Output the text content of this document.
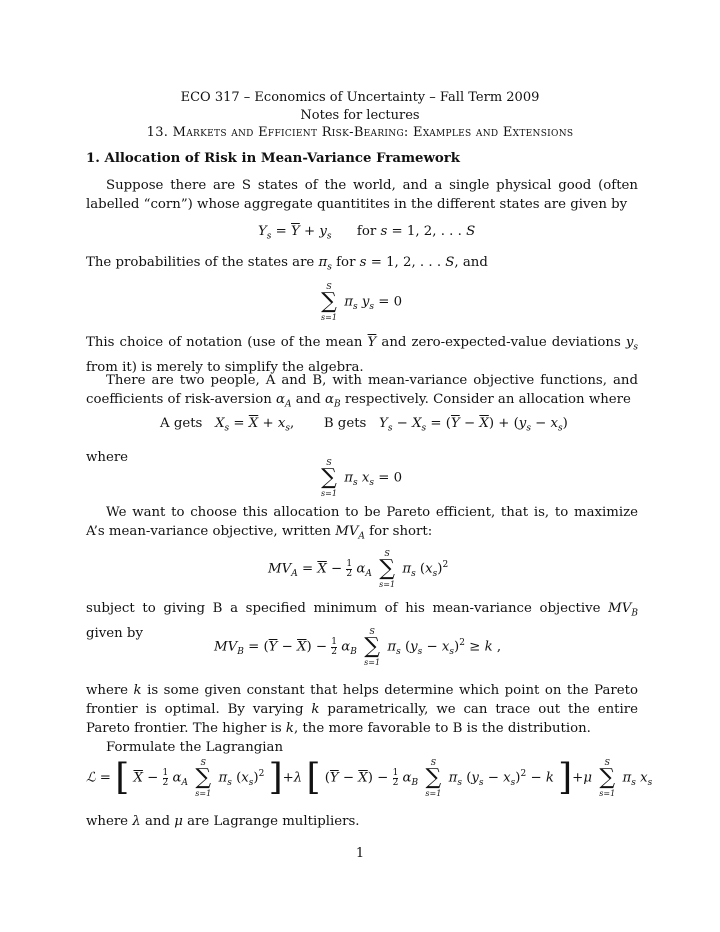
ECO 317 – Economics of Uncertainty – Fall Term 2009
Notes for lectures
13. Markets and Efficient Risk-Bearing: Examples and Extensions
1. Allocation of Risk in Mean-Variance Framework
Suppose there are S states of the world, and a single physical good (often labelled “corn”) whose aggregate quantitites in the different states are given by
$Y_s = \overline{Y} + y_s$ for s = 1, 2, . . . S
The probabilities of the states are $\pi_s$ for s = 1, 2, . . . S, and
S
∑
s=1
$\pi_s$ $y_s = 0$
This choice of notation (use of the mean $\overline{Y}$ and zero-expected-value deviations $y_s$ from it) is merely to simplify the algebra.
There are two people, A and B, with mean-variance objective functions, and coefficients of risk-aversion $\alpha_A$ and $\alpha_B$ respectively. Consider an allocation where
A gets $X_s = \overline{X} + x_s$,       B gets $Y_s - X_s = (\overline{Y} - \overline{X}) + (y_s - x_s)$
where	S
∑
s=1
$\pi_s$ $x_s = 0$
We want to choose this allocation to be Pareto efficient, that is, to maximize A’s mean-variance objective, written $MV_A$ for short:
$MV_A = \overline{X} - \frac{1}{2} \alpha_A$
S
∑
s=1
$\pi_s$ $(x_s)^2$
subject to giving B a specified minimum of his mean-variance objective $MV_B$ given by
$MV_B = (\overline{Y} - \overline{X}) - \frac{1}{2} \alpha_B$
S
∑
s=1
$\pi_s$ $(y_s - x_s)^2 \ge k$ ,
where k is some given constant that helps determine which point on the Pareto frontier is optimal. By varying k parametrically, we can trace out the entire Pareto frontier. The higher is k, the more favorable to B is the distribution.
Formulate the Lagrangian
ℒ = [ $\overline{X} - \frac{1}{2} \alpha_A$
S
∑
s=1
$\pi_s$ $(x_s)^2$ ]+λ [ $(\overline{Y} - \overline{X}) - \frac{1}{2} \alpha_B$
S
∑
s=1
$\pi_s$ $(y_s - x_s)^2 - k$ ]+μ
S
∑
s=1
$\pi_s$ $x_s$
where λ and μ are Lagrange multipliers.
1
